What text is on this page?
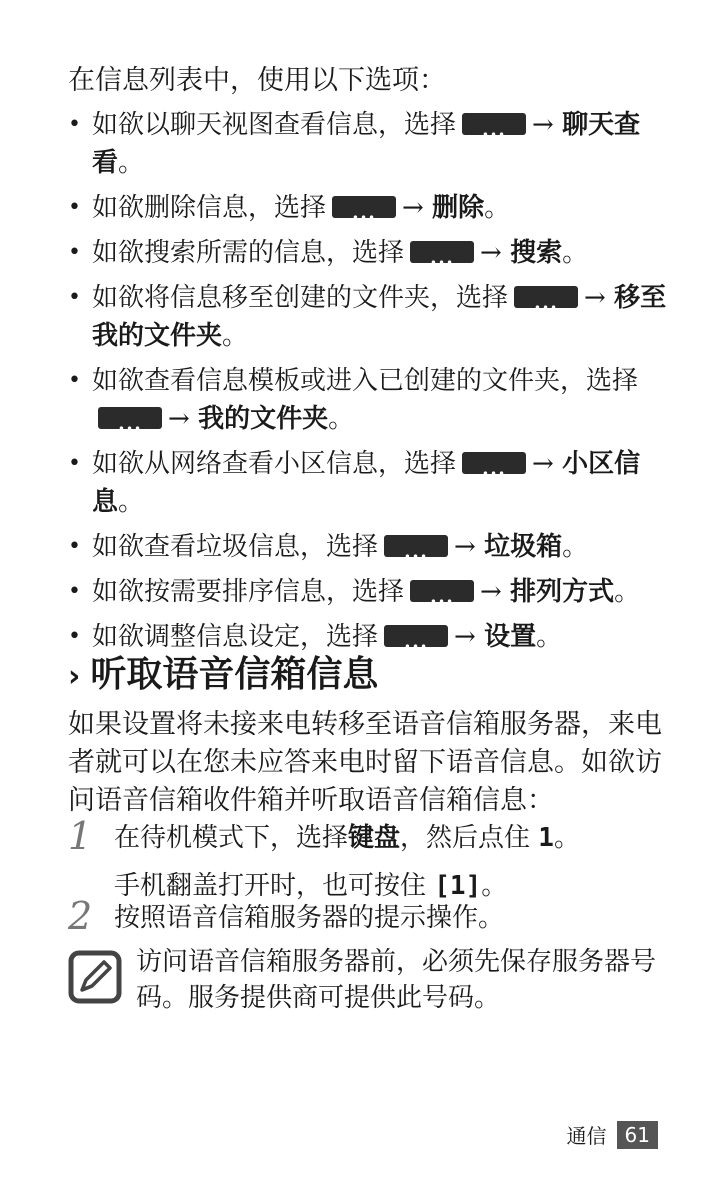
在信息列表中，使用以下选项：
• 如欲以聊天视图查看信息，选择 •••	→ 聊天查看。
• 如欲删除信息，选择 •••	→ 删除。
• 如欲搜索所需的信息，选择 •••	→ 搜索。
• 如欲将信息移至创建的文件夹，选择 •••	→ 移至我的文件夹。
• 如欲查看信息模板或进入已创建的文件夹，选择•••→ 我的文件夹。
• 如欲从网络查看小区信息，选择 •••	→ 小区信息。
• 如欲查看垃圾信息，选择 •••	→ 垃圾箱。
• 如欲按需要排序信息，选择 •••	→ 排列方式。
• 如欲调整信息设定，选择 •••	→ 设置。
› 听取语音信箱信息
如果设置将未接来电转移至语音信箱服务器，来电者就可以在您未应答来电时留下语音信息。如欲访问语音信箱收件箱并听取语音信箱信息：
1 在待机模式下，选择键盘，然后点住 1。
手机翻盖打开时，也可按住 [1]。
2 按照语音信箱服务器的提示操作。
访问语音信箱服务器前，必须先保存服务器号码。服务提供商可提供此号码。
通信 61
